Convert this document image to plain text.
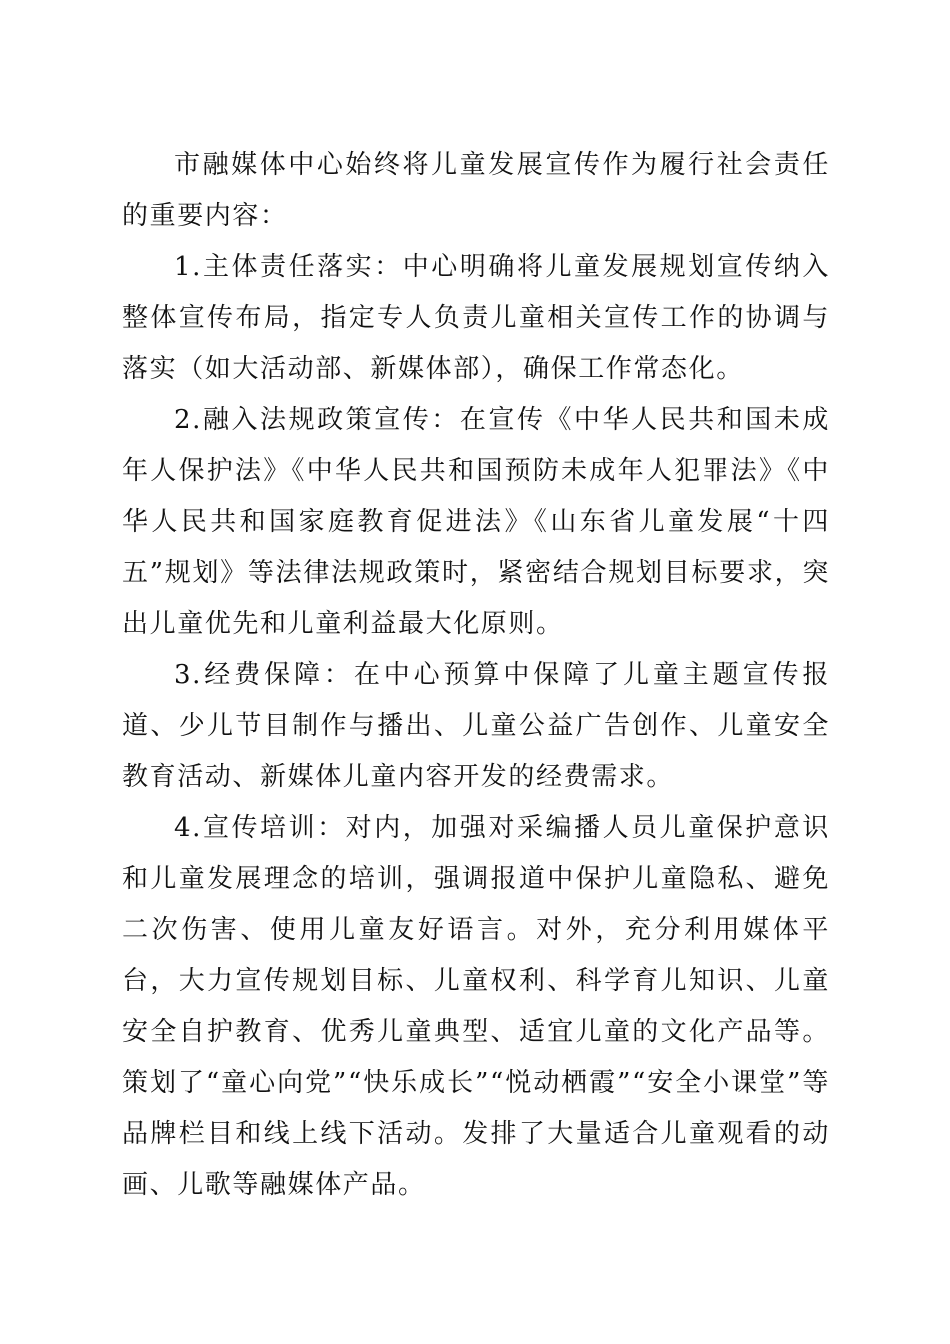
市融媒体中心始终将儿童发展宣传作为履行社会责任的重要内容：

1.主体责任落实：中心明确将儿童发展规划宣传纳入整体宣传布局，指定专人负责儿童相关宣传工作的协调与落实（如大活动部、新媒体部），确保工作常态化。

2.融入法规政策宣传：在宣传《中华人民共和国未成年人保护法》《中华人民共和国预防未成年人犯罪法》《中华人民共和国家庭教育促进法》《山东省儿童发展“十四五”规划》等法律法规政策时，紧密结合规划目标要求，突出儿童优先和儿童利益最大化原则。

3.经费保障：在中心预算中保障了儿童主题宣传报道、少儿节目制作与播出、儿童公益广告创作、儿童安全教育活动、新媒体儿童内容开发的经费需求。

4.宣传培训：对内，加强对采编播人员儿童保护意识和儿童发展理念的培训，强调报道中保护儿童隐私、避免二次伤害、使用儿童友好语言。对外，充分利用媒体平台，大力宣传规划目标、儿童权利、科学育儿知识、儿童安全自护教育、优秀儿童典型、适宜儿童的文化产品等。策划了“童心向党”“快乐成长”“悦动栖霞”“安全小课堂”等品牌栏目和线上线下活动。发排了大量适合儿童观看的动画、儿歌等融媒体产品。
